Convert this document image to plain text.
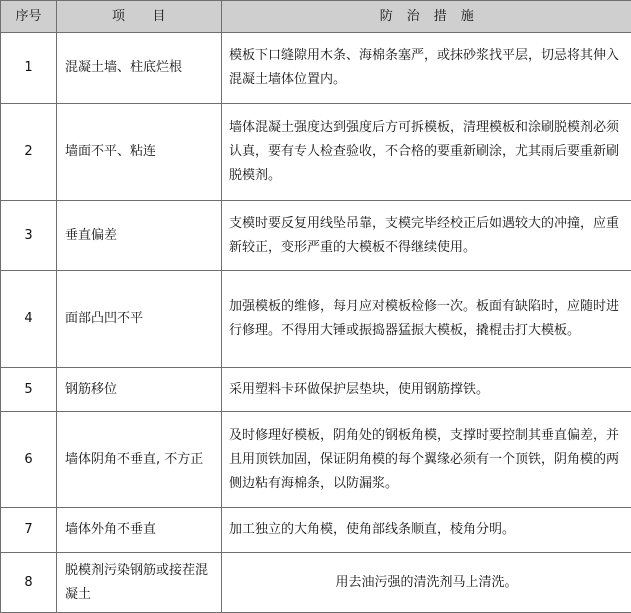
序号	项　　目	防　治　措　施
1	混凝土墙、柱底烂根	模板下口缝隙用木条、海棉条塞严，或抹砂浆找平层，切忌将其伸入混凝土墙体位置内。
2	墙面不平、粘连	墙体混凝土强度达到强度后方可拆模板，清理模板和涂刷脱模剂必须认真，要有专人检查验收，不合格的要重新刷涂，尤其雨后要重新刷脱模剂。
3	垂直偏差	支模时要反复用线坠吊靠，支模完毕经校正后如遇较大的冲撞，应重新较正，变形严重的大模板不得继续使用。
4	面部凸凹不平	加强模板的维修，每月应对模板检修一次。板面有缺陷时，应随时进行修理。不得用大锤或振捣器猛振大模板，撬棍击打大模板。
5	钢筋移位	采用塑料卡环做保护层垫块，使用钢筋撑铁。
6	墙体阴角不垂直, 不方正	及时修理好模板，阴角处的钢板角模，支撑时要控制其垂直偏差，并且用顶铁加固，保证阴角模的每个翼缘必须有一个顶铁，阴角模的两侧边粘有海棉条，以防漏浆。
7	墙体外角不垂直	加工独立的大角模，使角部线条顺直，棱角分明。
8	脱模剂污染钢筋或接茬混凝土	用去油污强的清洗剂马上清洗。
